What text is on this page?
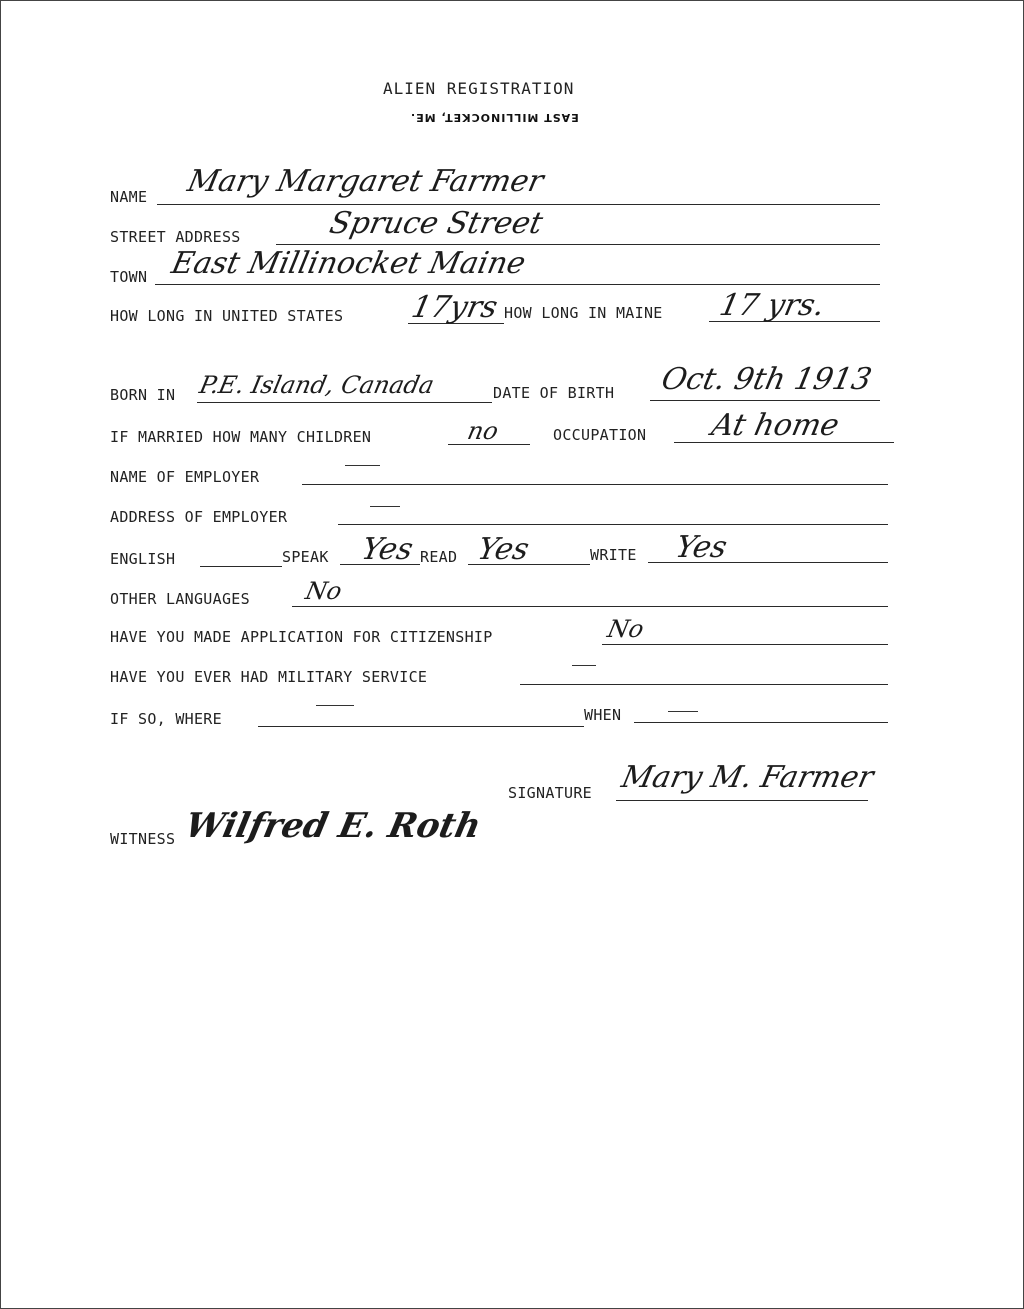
ALIEN REGISTRATION
EAST MILLINOCKET, ME.
NAME Mary Margaret Farmer
STREET ADDRESS	Spruce Street
TOWN East Millinocket Maine
HOW LONG IN UNITED STATES 17yrs HOW LONG IN MAINE 17 yrs.
BORN IN P.E. Island, Canada	DATE OF BIRTH Oct. 9th 1913
IF MARRIED HOW MANY CHILDREN	no	OCCUPATION At home
NAME OF EMPLOYER
ADDRESS OF EMPLOYER
ENGLISH	SPEAK Yes READ Yes	WRITE Yes
OTHER LANGUAGES No
HAVE YOU MADE APPLICATION FOR CITIZENSHIP	No
HAVE YOU EVER HAD MILITARY SERVICE
IF SO, WHERE	WHEN
SIGNATURE Mary M. Farmer
WITNESS Wilfred E. Roth
